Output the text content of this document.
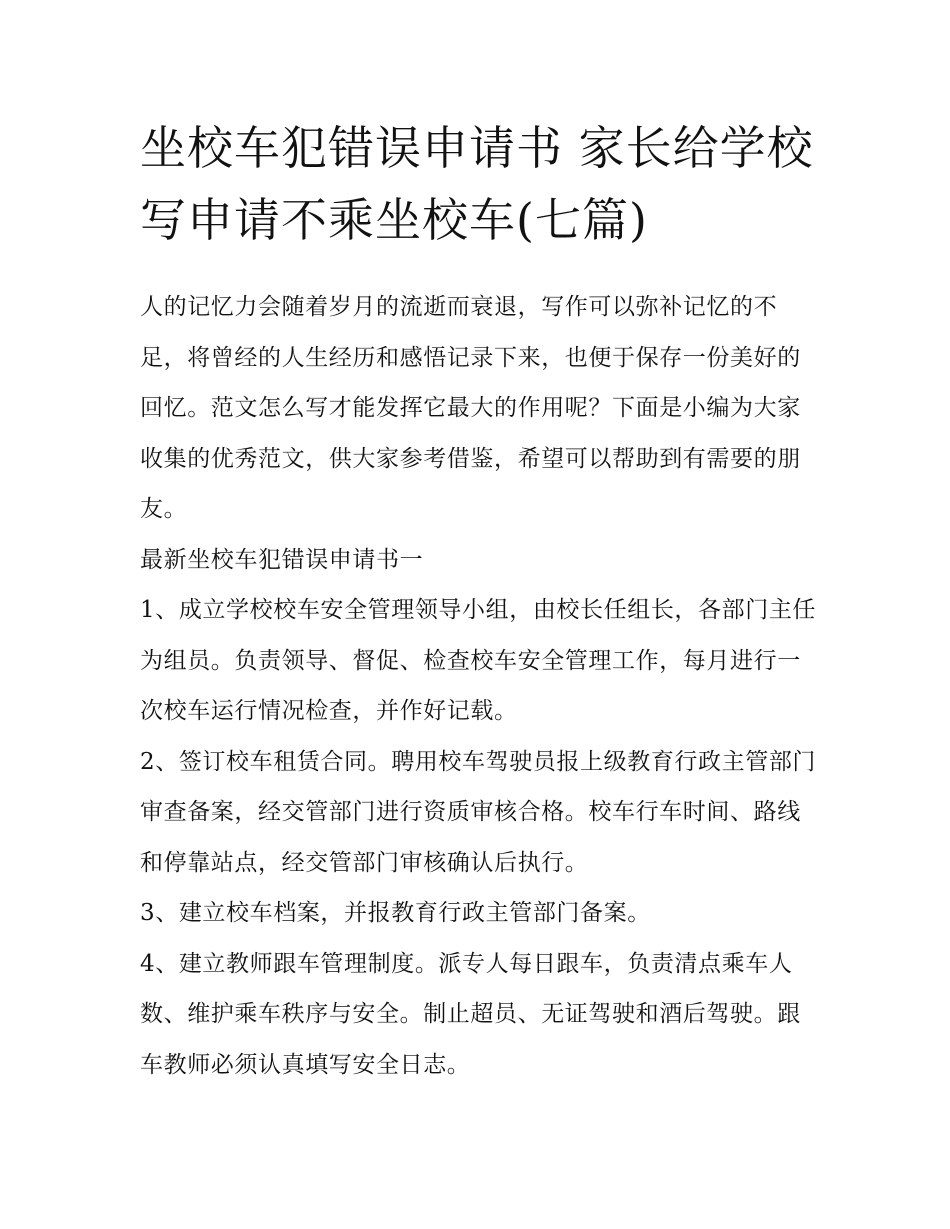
坐校车犯错误申请书 家长给学校写申请不乘坐校车(七篇)

人的记忆力会随着岁月的流逝而衰退，写作可以弥补记忆的不足，将曾经的人生经历和感悟记录下来，也便于保存一份美好的回忆。范文怎么写才能发挥它最大的作用呢？下面是小编为大家收集的优秀范文，供大家参考借鉴，希望可以帮助到有需要的朋友。

最新坐校车犯错误申请书一

1、成立学校校车安全管理领导小组，由校长任组长，各部门主任为组员。负责领导、督促、检查校车安全管理工作，每月进行一次校车运行情况检查，并作好记载。

2、签订校车租赁合同。聘用校车驾驶员报上级教育行政主管部门审查备案，经交管部门进行资质审核合格。校车行车时间、路线和停靠站点，经交管部门审核确认后执行。

3、建立校车档案，并报教育行政主管部门备案。

4、建立教师跟车管理制度。派专人每日跟车，负责清点乘车人数、维护乘车秩序与安全。制止超员、无证驾驶和酒后驾驶。跟车教师必须认真填写安全日志。
